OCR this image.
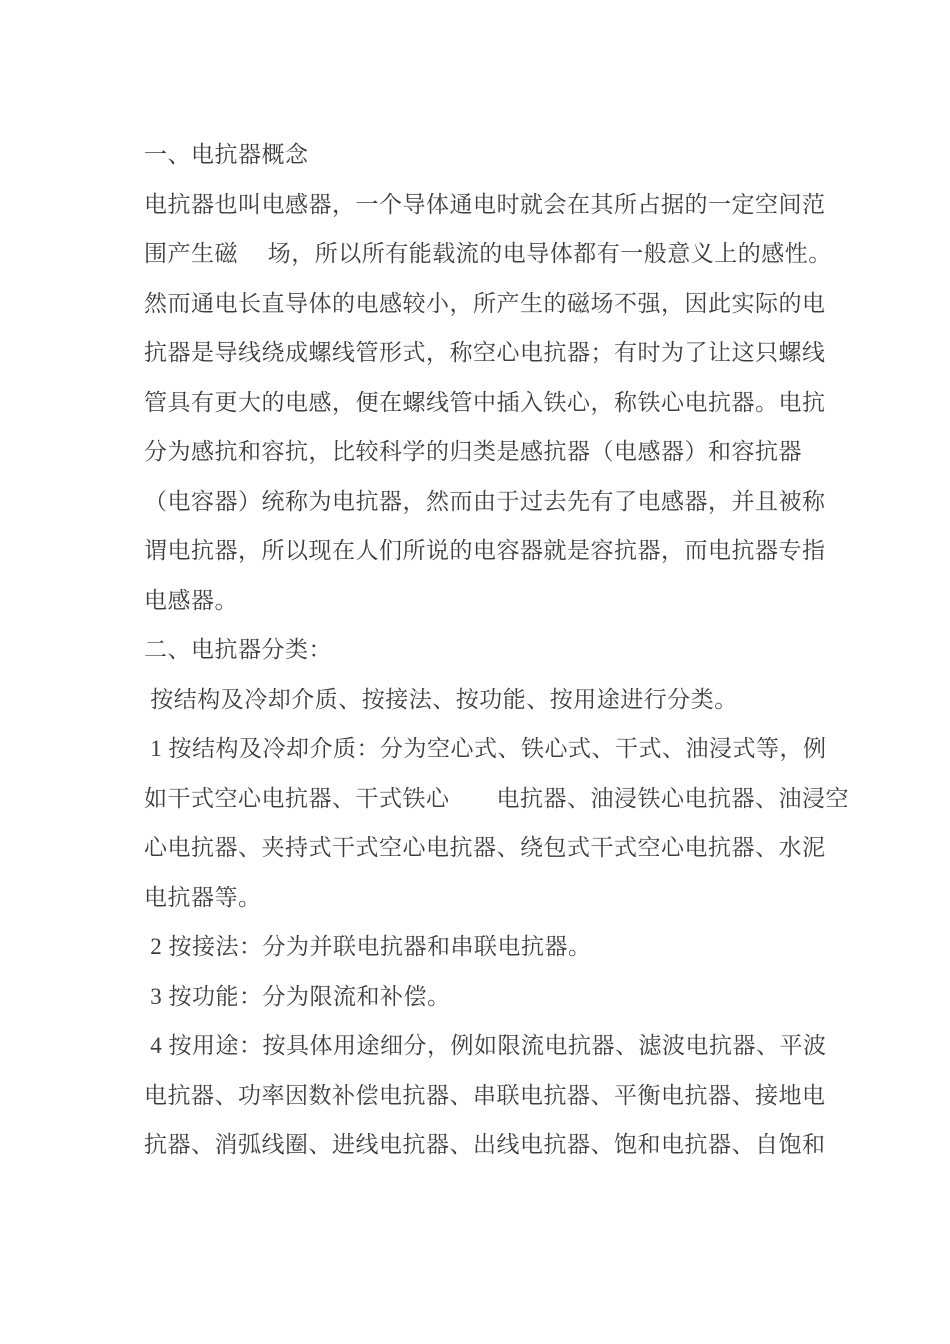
一、电抗器概念
电抗器也叫电感器，一个导体通电时就会在其所占据的一定空间范
围产生磁　 场，所以所有能载流的电导体都有一般意义上的感性。
然而通电长直导体的电感较小，所产生的磁场不强，因此实际的电
抗器是导线绕成螺线管形式，称空心电抗器；有时为了让这只螺线
管具有更大的电感，便在螺线管中插入铁心，称铁心电抗器。电抗
分为感抗和容抗，比较科学的归类是感抗器（电感器）和容抗器
（电容器）统称为电抗器，然而由于过去先有了电感器，并且被称
谓电抗器，所以现在人们所说的电容器就是容抗器，而电抗器专指
电感器。
二、电抗器分类：
按结构及冷却介质、按接法、按功能、按用途进行分类。
1 按结构及冷却介质：分为空心式、铁心式、干式、油浸式等，例
如干式空心电抗器、干式铁心　　电抗器、油浸铁心电抗器、油浸空
心电抗器、夹持式干式空心电抗器、绕包式干式空心电抗器、水泥
电抗器等。
2 按接法：分为并联电抗器和串联电抗器。
3 按功能：分为限流和补偿。
4 按用途：按具体用途细分，例如限流电抗器、滤波电抗器、平波
电抗器、功率因数补偿电抗器、串联电抗器、平衡电抗器、接地电
抗器、消弧线圈、进线电抗器、出线电抗器、饱和电抗器、自饱和
